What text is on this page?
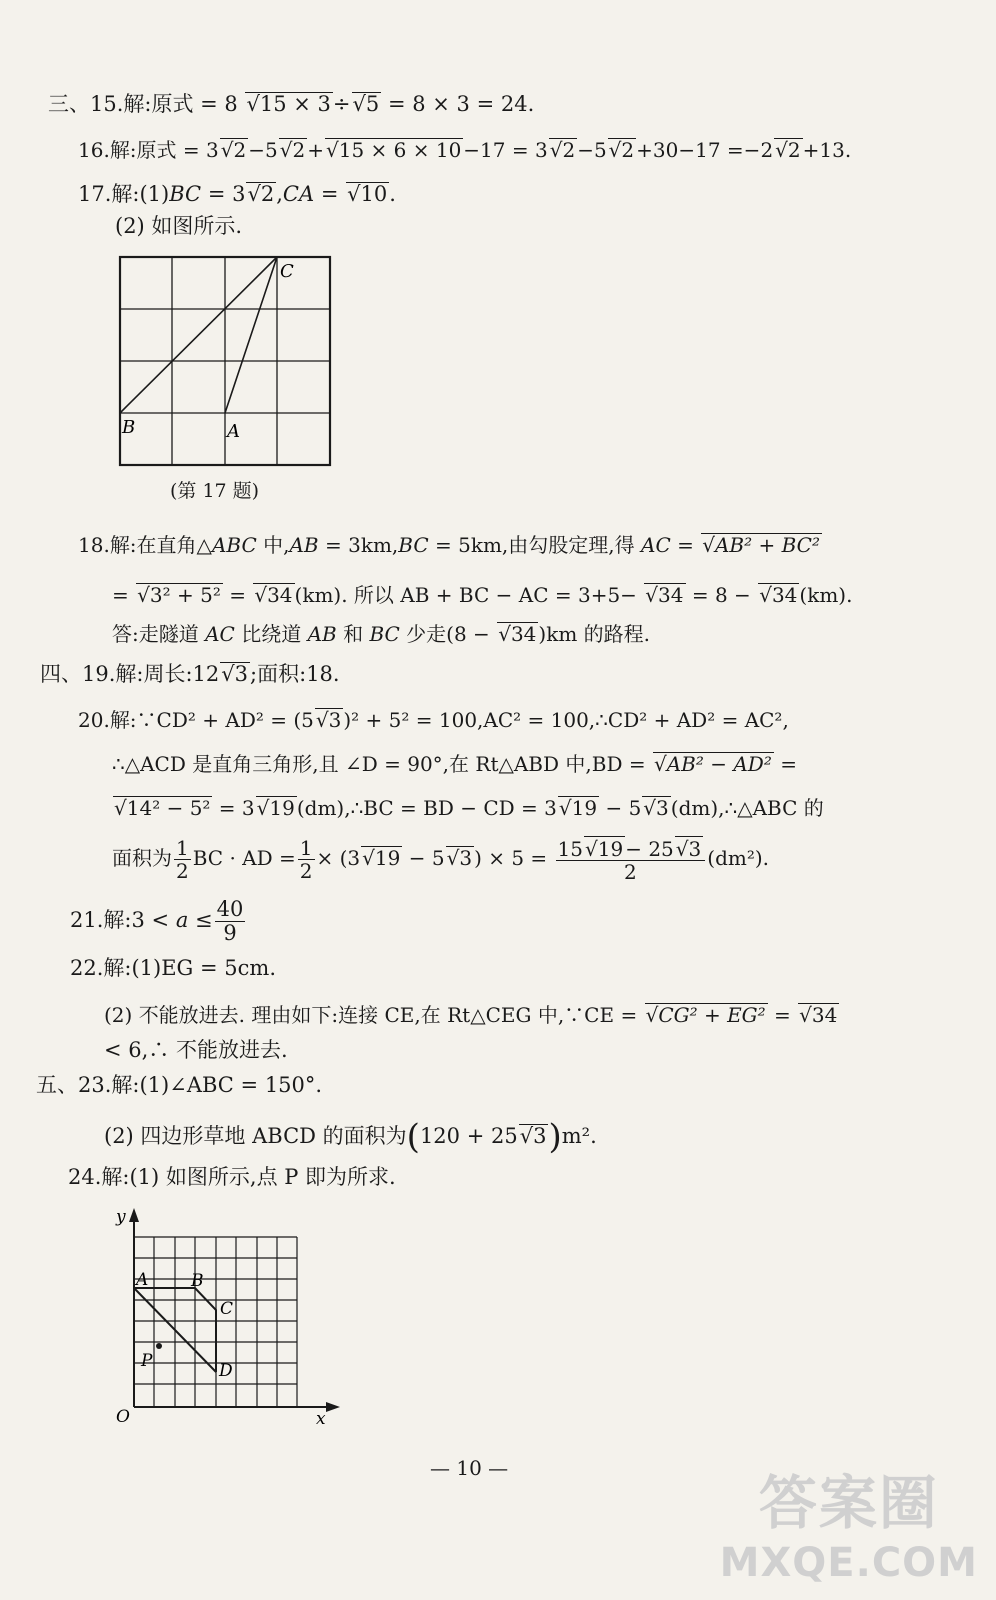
三、15.解:原式 = 8 √ 15 × 3÷√ 5 = 8 × 3 = 24.
16.解:原式 = 3√ 2 −5√ 2 +√ 15 × 6 × 10 −17 = 3√ 2 −5√ 2 +30−17 =−2√ 2 +13.
17.解:(1)BC = 3√ 2,CA = √ 10.
(2) 如图所示.
C
B	A
(第 17 题)
18.解:在直角△ABC 中,AB = 3km,BC = 5km,由勾股定理,得 AC = √ AB² + BC²
= √ 3² + 5² = √ 34 (km). 所以 AB + BC − AC = 3+5− √ 34 = 8 − √ 34 (km).
答:走隧道 AC 比绕道 AB 和 BC 少走(8 − √ 34 )km 的路程.
四、19.解:周长:12√ 3;面积:18.
20.解:∵CD² + AD² = (5√ 3 )² + 5² = 100,AC² = 100,∴CD² + AD² = AC²,
∴△ACD 是直角三角形,且 ∠D = 90°,在 Rt△ABD 中,BD = √ AB² − AD² =
√ 14² − 5² = 3√ 19 (dm),∴BC = BD − CD = 3√ 19 − 5√ 3 (dm),∴△ABC 的
面积为 $\frac{1}{2}$ BC · AD = $\frac{1}{2} \times (3√$ 19 − 5√ 3 ) × $5 = \frac{15√ 19 - 25√ 3}{2} (dm^2)$.
21.解:3 < $a \le \frac{40}{9}$
22.解:(1)EG = 5cm.
(2) 不能放进去. 理由如下:连接 CE,在 Rt△CEG 中,∵CE = √ CG² + EG² = √ 34
< 6,∴ 不能放进去.
五、23.解:(1)∠ABC = 150°.
(2) 四边形草地 ABCD 的面积为(120 + 25√ 3)m².
24.解:(1) 如图所示,点 P 即为所求.
y
x
O
A	B
C
D
P
— 10 —
答案圈
MXQE.COM
